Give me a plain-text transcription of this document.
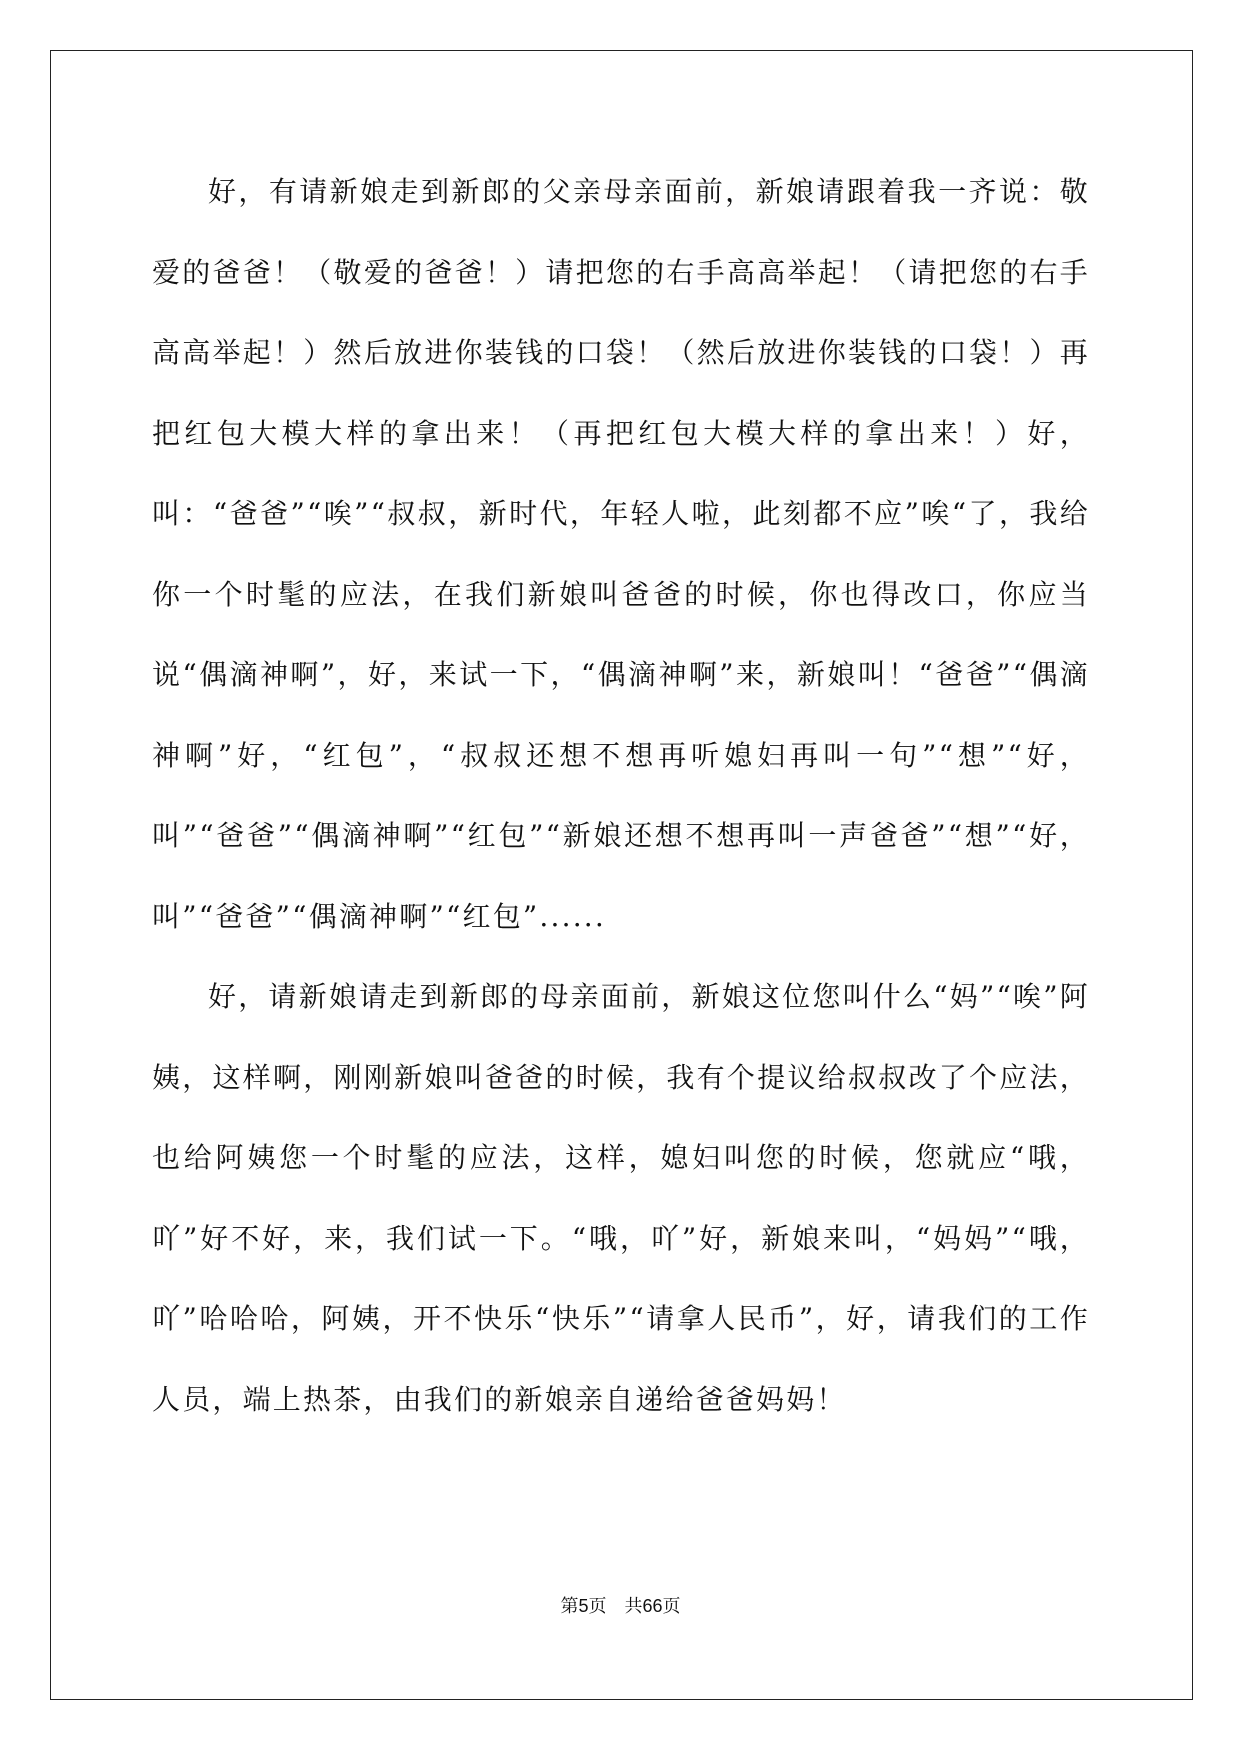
好，有请新娘走到新郎的父亲母亲面前，新娘请跟着我一齐说：敬爱的爸爸！（敬爱的爸爸！）请把您的右手高高举起！（请把您的右手高高举起！）然后放进你装钱的口袋！（然后放进你装钱的口袋！）再把红包大模大样的拿出来！（再把红包大模大样的拿出来！）好，叫：“爸爸”“唉”“叔叔，新时代，年轻人啦，此刻都不应”唉“了，我给你一个时髦的应法，在我们新娘叫爸爸的时候，你也得改口，你应当说“偶滴神啊”，好，来试一下，“偶滴神啊”来，新娘叫！“爸爸”“偶滴神啊”好，“红包”，“叔叔还想不想再听媳妇再叫一句”“想”“好，叫”“爸爸”“偶滴神啊”“红包”“新娘还想不想再叫一声爸爸”“想”“好，叫”“爸爸”“偶滴神啊”“红包”......

好，请新娘请走到新郎的母亲面前，新娘这位您叫什么“妈”“唉”阿姨，这样啊，刚刚新娘叫爸爸的时候，我有个提议给叔叔改了个应法，也给阿姨您一个时髦的应法，这样，媳妇叫您的时候，您就应“哦，吖”好不好，来，我们试一下。“哦，吖”好，新娘来叫，“妈妈”“哦，吖”哈哈哈，阿姨，开不快乐“快乐”“请拿人民币”，好，请我们的工作人员，端上热茶，由我们的新娘亲自递给爸爸妈妈！

第5页　共66页
